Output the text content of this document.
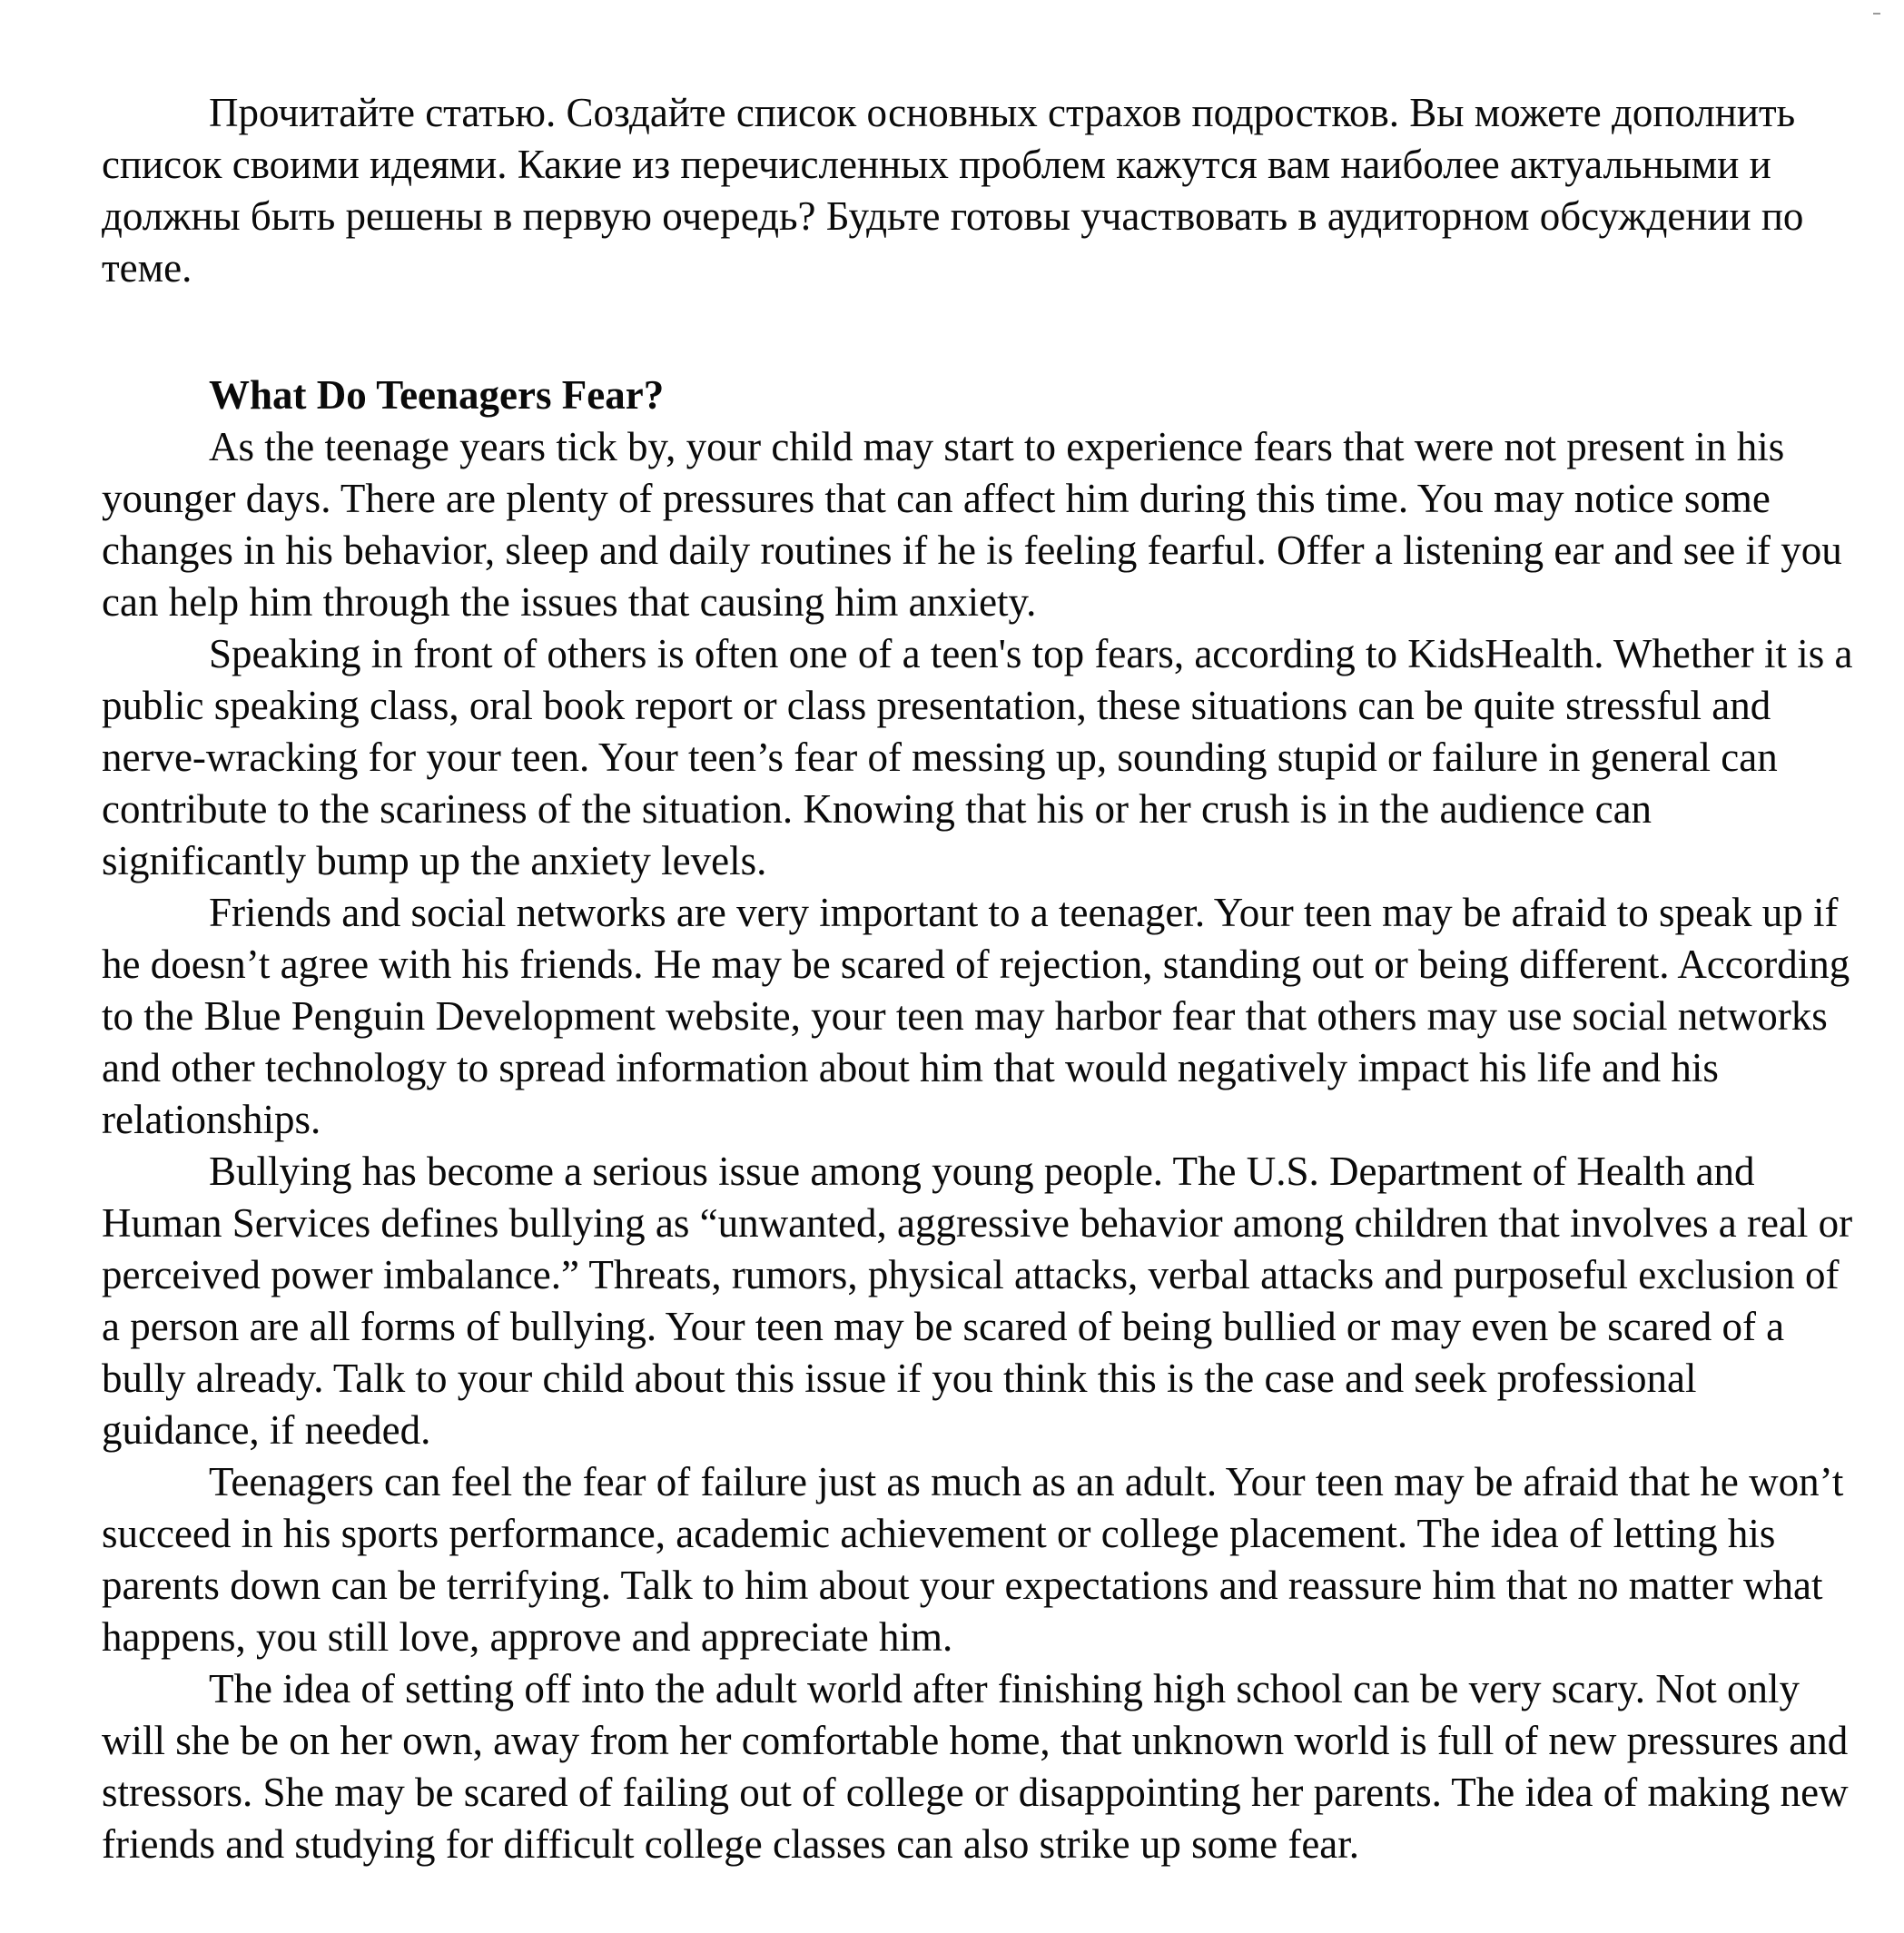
Прочитайте статью. Создайте список основных страхов подростков. Вы можете дополнить список своими идеями. Какие из перечисленных проблем кажутся вам наиболее актуальными и должны быть решены в первую очередь? Будьте готовы участвовать в аудиторном обсуждении по теме.

What Do Teenagers Fear?

As the teenage years tick by, your child may start to experience fears that were not present in his younger days. There are plenty of pressures that can affect him during this time. You may notice some changes in his behavior, sleep and daily routines if he is feeling fearful. Offer a listening ear and see if you can help him through the issues that causing him anxiety.

Speaking in front of others is often one of a teen's top fears, according to KidsHealth. Whether it is a public speaking class, oral book report or class presentation, these situations can be quite stressful and nerve-wracking for your teen. Your teen’s fear of messing up, sounding stupid or failure in general can contribute to the scariness of the situation. Knowing that his or her crush is in the audience can significantly bump up the anxiety levels.

Friends and social networks are very important to a teenager. Your teen may be afraid to speak up if he doesn’t agree with his friends. He may be scared of rejection, standing out or being different. According to the Blue Penguin Development website, your teen may harbor fear that others may use social networks and other technology to spread information about him that would negatively impact his life and his relationships.

Bullying has become a serious issue among young people. The U.S. Department of Health and Human Services defines bullying as “unwanted, aggressive behavior among children that involves a real or perceived power imbalance.” Threats, rumors, physical attacks, verbal attacks and purposeful exclusion of a person are all forms of bullying. Your teen may be scared of being bullied or may even be scared of a bully already. Talk to your child about this issue if you think this is the case and seek professional guidance, if needed.

Teenagers can feel the fear of failure just as much as an adult. Your teen may be afraid that he won’t succeed in his sports performance, academic achievement or college placement. The idea of letting his parents down can be terrifying. Talk to him about your expectations and reassure him that no matter what happens, you still love, approve and appreciate him.

The idea of setting off into the adult world after finishing high school can be very scary. Not only will she be on her own, away from her comfortable home, that unknown world is full of new pressures and stressors. She may be scared of failing out of college or disappointing her parents. The idea of making new friends and studying for difficult college classes can also strike up some fear.
